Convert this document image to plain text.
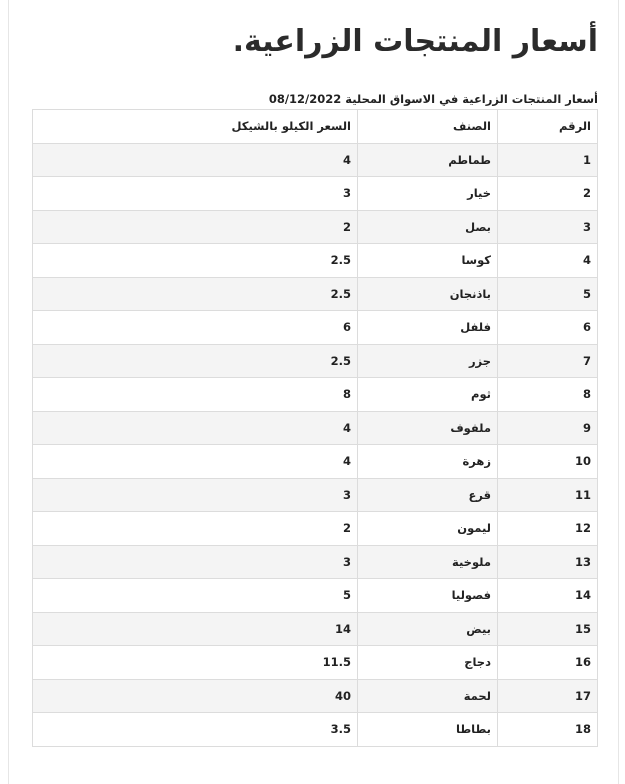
أسعار المنتجات الزراعية.
أسعار المنتجات الزراعية في الاسواق المحلية 08/12/2022
الرقم	الصنف	السعر الكيلو بالشيكل
1	طماطم	4
2	خيار	3
3	بصل	2
4	كوسا	2.5
5	باذنجان	2.5
6	فلفل	6
7	جزر	2.5
8	ثوم	8
9	ملفوف	4
10	زهرة	4
11	قرع	3
12	ليمون	2
13	ملوخية	3
14	فصوليا	5
15	بيض	14
16	دجاج	11.5
17	لحمة	40
18	بطاطا	3.5
